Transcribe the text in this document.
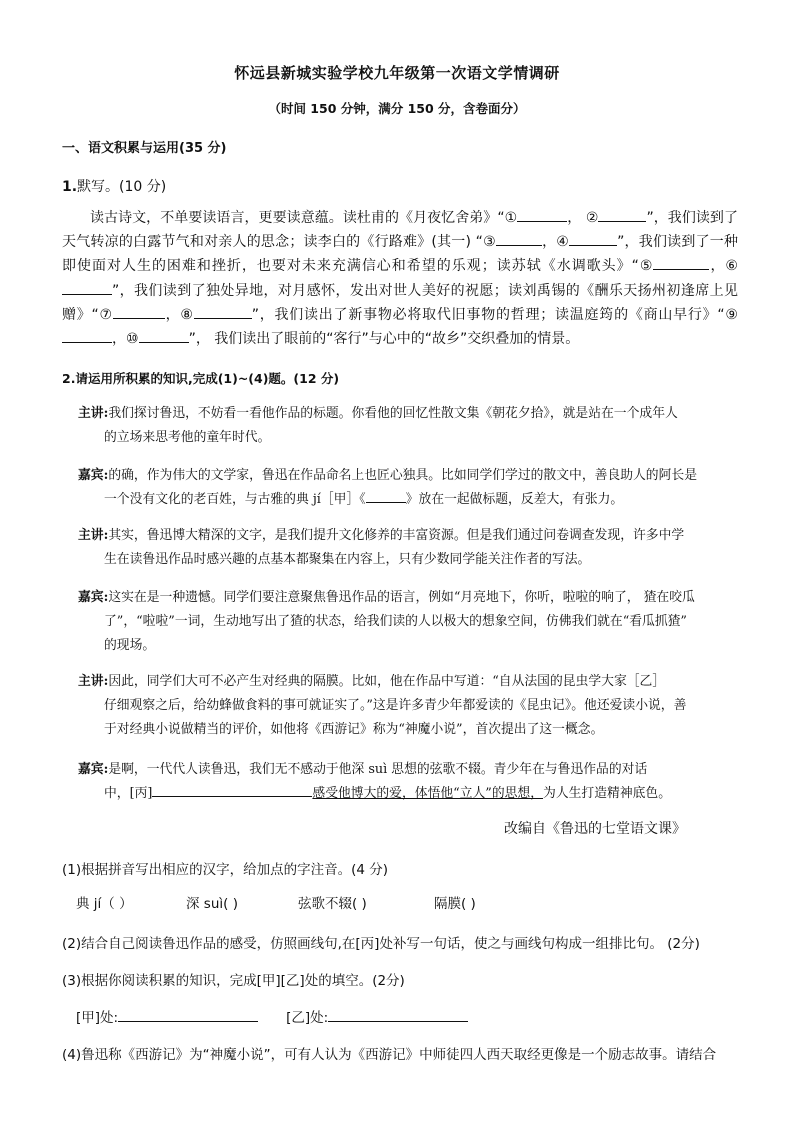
怀远县新城实验学校九年级第一次语文学情调研
（时间 150 分钟，满分 150 分，含卷面分）
一、语文积累与运用(35 分)
1.默写。(10 分)
读古诗文，不单要读语言，更要读意蕴。读杜甫的《月夜忆舍弟》“①	， ②	”，我们读到了天气转凉的白露节气和对亲人的思念；读李白的《行路难》(其一) “③	，④	”，我们读到了一种即使面对人生的困难和挫折，也要对未来充满信心和希望的乐观；读苏轼《水调歌头》“⑤	，⑥”，我们读到了独处异地，对月感怀，发出对世人美好的祝愿；读刘禹锡的《酬乐天扬州初逢席上见赠》“⑦	，⑧	”，我们读出了新事物必将取代旧事物的哲理；读温庭筠的《商山早行》“⑨，⑩	”， 我们读出了眼前的“客行”与心中的“故乡”交织叠加的情景。
2.请运用所积累的知识,完成(1)~(4)题。(12 分)
主讲:我们探讨鲁迅，不妨看一看他作品的标题。你看他的回忆性散文集《朝花夕拾》，就是站在一个成年人
的立场来思考他的童年时代。
嘉宾:的确，作为伟大的文学家，鲁迅在作品命名上也匠心独具。比如同学们学过的散文中，善良助人的阿长是
一个没有文化的老百姓，与古雅的典 jí［甲］《	》放在一起做标题，反差大，有张力。
主讲:其实，鲁迅博大精深的文字，是我们提升文化修养的丰富资源。但是我们通过问卷调查发现，许多中学
生在读鲁迅作品时感兴趣的点基本都聚集在内容上，只有少数同学能关注作者的写法。
嘉宾:这实在是一种遗憾。同学们要注意聚焦鲁迅作品的语言，例如“月亮地下，你听，啦啦的响了， 猹在咬瓜
了”，“啦啦”一词，生动地写出了猹的状态，给我们读的人以极大的想象空间，仿佛我们就在“看瓜抓猹”
的现场。
主讲:因此，同学们大可不必产生对经典的隔膜。比如，他在作品中写道：“自从法国的昆虫学大家［乙］
仔细观察之后，给幼蜂做食料的事可就证实了。”这是许多青少年都爱读的《昆虫记》。他还爱读小说，善
于对经典小说做精当的评价，如他将《西游记》称为“神魔小说”，首次提出了这一概念。
嘉宾:是啊，一代代人读鲁迅，我们无不感动于他深 suì 思想的弦歌不辍。青少年在与鲁迅作品的对话
中，[丙]	感受他博大的爱，体悟他“立人”的思想，为人生打造精神底色。
改编自《鲁迅的七堂语文课》
(1)根据拼音写出相应的汉字，给加点的字注音。(4 分)
典 jí（ ）	深 suì( )	弦歌不辍( )	隔膜( )
(2)结合自己阅读鲁迅作品的感受，仿照画线句,在[丙]处补写一句话，使之与画线句构成一组排比句。 (2分)
(3)根据你阅读积累的知识，完成[甲][乙]处的填空。(2分)
[甲]处:	[乙]处:
(4)鲁迅称《西游记》为“神魔小说”，可有人认为《西游记》中师徒四人西天取经更像是一个励志故事。请结合
